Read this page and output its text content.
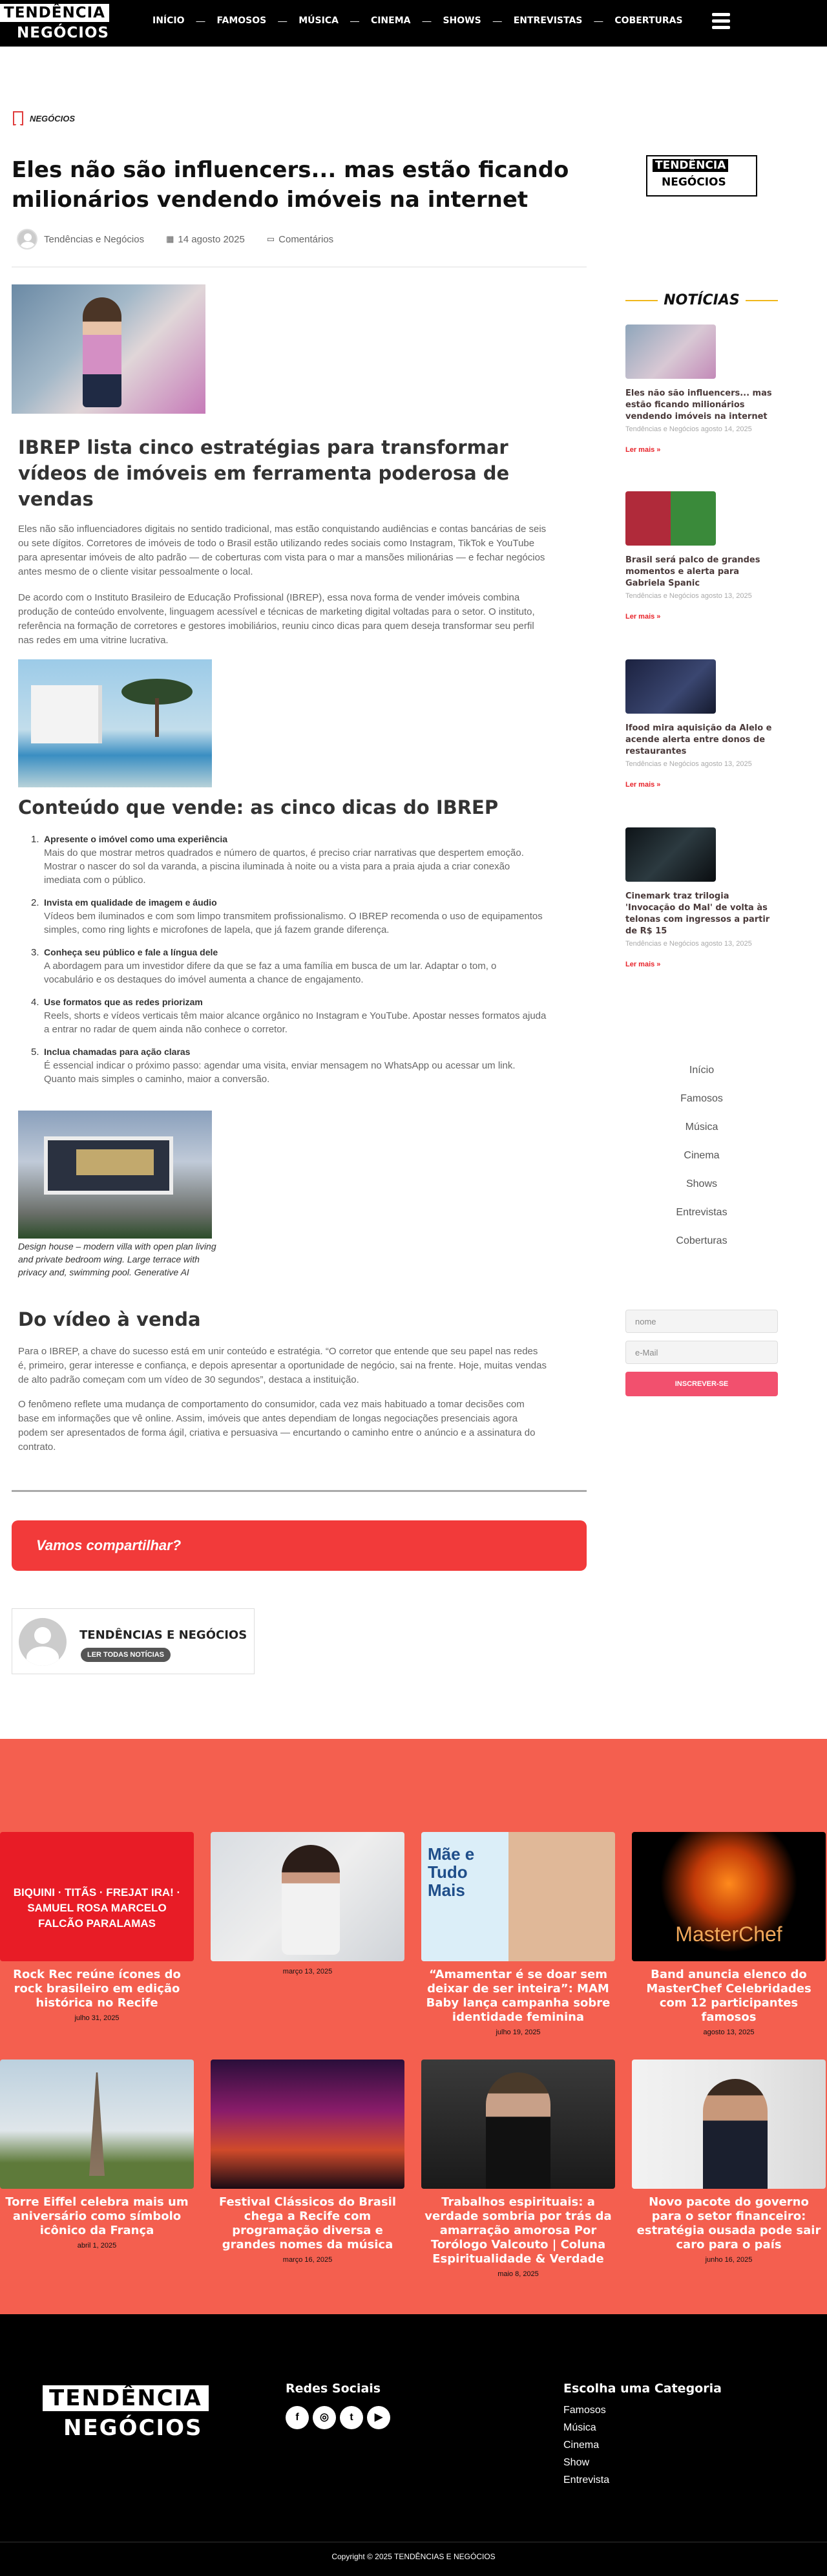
TENDÊNCIA
NEGÓCIOS
INÍCIO — FAMOSOS — MÚSICA — CINEMA — SHOWS — ENTREVISTAS — COBERTURAS
NEGÓCIOS
Eles não são influencers... mas estão ficando milionários vendendo imóveis na internet
Tendências e Negócios	▦ 14 agosto 2025	▭ Comentários
IBREP lista cinco estratégias para transformar vídeos de imóveis em ferramenta poderosa de vendas

Eles não são influenciadores digitais no sentido tradicional, mas estão conquistando audiências e contas bancárias de seis ou sete dígitos. Corretores de imóveis de todo o Brasil estão utilizando redes sociais como Instagram, TikTok e YouTube para apresentar imóveis de alto padrão — de coberturas com vista para o mar a mansões milionárias — e fechar negócios antes mesmo de o cliente visitar pessoalmente o local.

De acordo com o Instituto Brasileiro de Educação Profissional (IBREP), essa nova forma de vender imóveis combina produção de conteúdo envolvente, linguagem acessível e técnicas de marketing digital voltadas para o setor. O instituto, referência na formação de corretores e gestores imobiliários, reuniu cinco dicas para quem deseja transformar seu perfil nas redes em uma vitrine lucrativa.

Conteúdo que vende: as cinco dicas do IBREP
1. Apresente o imóvel como uma experiência
Mais do que mostrar metros quadrados e número de quartos, é preciso criar narrativas que despertem emoção. Mostrar o nascer do sol da varanda, a piscina iluminada à noite ou a vista para a praia ajuda a criar conexão imediata com o público.
2. Invista em qualidade de imagem e áudio
Vídeos bem iluminados e com som limpo transmitem profissionalismo. O IBREP recomenda o uso de equipamentos simples, como ring lights e microfones de lapela, que já fazem grande diferença.
3. Conheça seu público e fale a língua dele
A abordagem para um investidor difere da que se faz a uma família em busca de um lar. Adaptar o tom, o vocabulário e os destaques do imóvel aumenta a chance de engajamento.
4. Use formatos que as redes priorizam
Reels, shorts e vídeos verticais têm maior alcance orgânico no Instagram e YouTube. Apostar nesses formatos ajuda a entrar no radar de quem ainda não conhece o corretor.
5. Inclua chamadas para ação claras
É essencial indicar o próximo passo: agendar uma visita, enviar mensagem no WhatsApp ou acessar um link. Quanto mais simples o caminho, maior a conversão.
Design house – modern villa with open plan living and private bedroom wing. Large terrace with privacy and, swimming pool. Generative AI
Do vídeo à venda

Para o IBREP, a chave do sucesso está em unir conteúdo e estratégia. “O corretor que entende que seu papel nas redes é, primeiro, gerar interesse e confiança, e depois apresentar a oportunidade de negócio, sai na frente. Hoje, muitas vendas de alto padrão começam com um vídeo de 30 segundos”, destaca a instituição.

O fenômeno reflete uma mudança de comportamento do consumidor, cada vez mais habituado a tomar decisões com base em informações que vê online. Assim, imóveis que antes dependiam de longas negociações presenciais agora podem ser apresentados de forma ágil, criativa e persuasiva — encurtando o caminho entre o anúncio e a assinatura do contrato.

Vamos compartilhar?
TENDÊNCIAS E NEGÓCIOS
LER TODAS NOTÍCIAS
TENDÊNCIA
NEGÓCIOS
NOTÍCIAS
Eles não são influencers... mas estão ficando milionários vendendo imóveis na internet
Tendências e Negócios agosto 14, 2025
Ler mais »
Brasil será palco de grandes momentos e alerta para Gabriela Spanic
Tendências e Negócios agosto 13, 2025
Ler mais »
Ifood mira aquisição da Alelo e acende alerta entre donos de restaurantes
Tendências e Negócios agosto 13, 2025
Ler mais »
Cinemark traz trilogia 'Invocação do Mal' de volta às telonas com ingressos a partir de R$ 15
Tendências e Negócios agosto 13, 2025
Ler mais »
Início
Famosos
Música
Cinema
Shows
Entrevistas
Coberturas
nome
e-Mail
INSCREVER-SE
BIQUINI · TITÃS · FREJAT IRA! · SAMUEL ROSA MARCELO FALCÃO PARALAMAS
Rock Rec reúne ícones do rock brasileiro em edição histórica no Recife
julho 31, 2025
março 13, 2025
Mãe e Tudo Mais
“Amamentar é se doar sem deixar de ser inteira”: MAM Baby lança campanha sobre identidade feminina
julho 19, 2025
MasterChef
Band anuncia elenco do MasterChef Celebridades com 12 participantes famosos
agosto 13, 2025
Torre Eiffel celebra mais um aniversário como símbolo icônico da França
abril 1, 2025
Festival Clássicos do Brasil chega a Recife com programação diversa e grandes nomes da música
março 16, 2025
Trabalhos espirituais: a verdade sombria por trás da amarração amorosa Por Torólogo Valcouto | Coluna Espiritualidade & Verdade
maio 8, 2025
Novo pacote do governo para o setor financeiro: estratégia ousada pode sair caro para o país
junho 16, 2025
TENDÊNCIA
NEGÓCIOS
Redes Sociais
f	◎	t	▶
Escolha uma Categoria
Famosos
Música
Cinema
Show
Entrevista
Copyright © 2025 TENDÊNCIAS E NEGÓCIOS
